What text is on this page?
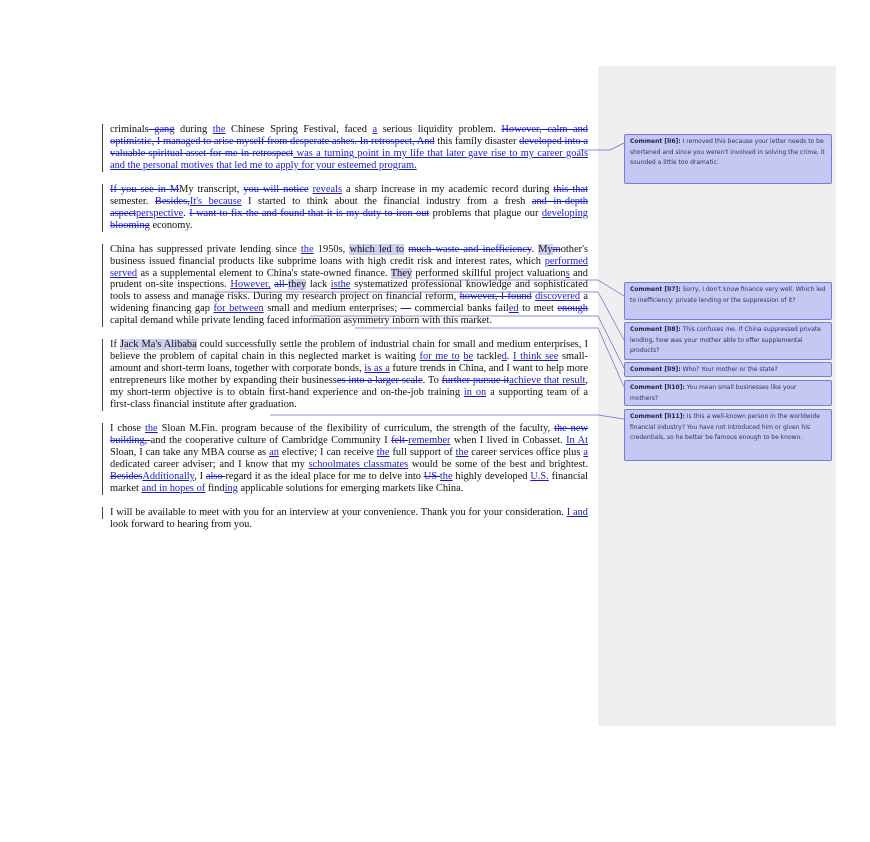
criminals gang during the Chinese Spring Festival, faced a serious liquidity problem. However, calm and optimistic, I managed to arise myself from desperate ashes. In retrospect, And this family disaster developed into a valuable spiritual asset for me in retrospect was a turning point in my life that later gave rise to my career goals and the personal motives that led me to apply for your esteemed program.

If you see in MMy transcript, you will notice reveals a sharp increase in my academic record during this that semester. Besides,It's because I started to think about the financial industry from a fresh and in-depth aspectperspective. I want to fix the and found that it is my duty to iron out problems that plague our developing blooming economy.

China has suppressed private lending since the 1950s, which led to much waste and inefficiency. Mymother's business issued financial products like subprime loans with high credit risk and interest rates, which performed served as a supplemental element to China's state-owned finance. They performed skillful project valuations and prudent on-site inspections. However, all they lack isthe systematized professional knowledge and sophisticated tools to assess and manage risks. During my research project on financial reform, however, I found discovered a widening financing gap for between small and medium enterprises; — commercial banks failed to meet enough capital demand while private lending faced information asymmetry inborn with this market.

If Jack Ma's Alibaba could successfully settle the problem of industrial chain for small and medium enterprises, I believe the problem of capital chain in this neglected market is waiting for me to be tackled. I think see small-amount and short-term loans, together with corporate bonds, is as a future trends in China, and I want to help more entrepreneurs like mother by expanding their businesses into a larger scale. To further pursue itachieve that result, my short-term objective is to obtain first-hand experience and on-the-job training in on a supporting team of a first-class financial institute after graduation.

I chose the Sloan M.Fin. program because of the flexibility of curriculum, the strength of the faculty, the new building, and the cooperative culture of Cambridge Community I felt remember when I lived in Cobasset. In At Sloan, I can take any MBA course as an elective; I can receive the full support of the career services office plus a dedicated career adviser; and I know that my schoolmates classmates would be some of the best and brightest. BesidesAdditionally, I also regard it as the ideal place for me to delve into US the highly developed U.S. financial market and in hopes of finding applicable solutions for emerging markets like China.

I will be available to meet with you for an interview at your convenience. Thank you for your consideration. I and look forward to hearing from you.

Comment [lI6]: I removed this because your letter needs to be shortened and since you weren't involved in solving the crime, it sounded a little too dramatic.
Comment [lI7]: Sorry, I don't know finance very well. Which led to inefficiency: private lending or the suppression of it?
Comment [lI8]: This confuses me. If China suppressed private lending, how was your mother able to offer supplemental products?
Comment [lI9]: Who? Your mother or the state?
Comment [lI10]: You mean small businesses like your mothers?
Comment [lI11]: Is this a well-known person in the worldwide financial industry? You have not introduced him or given his credentials, so he better be famous enough to be known.
